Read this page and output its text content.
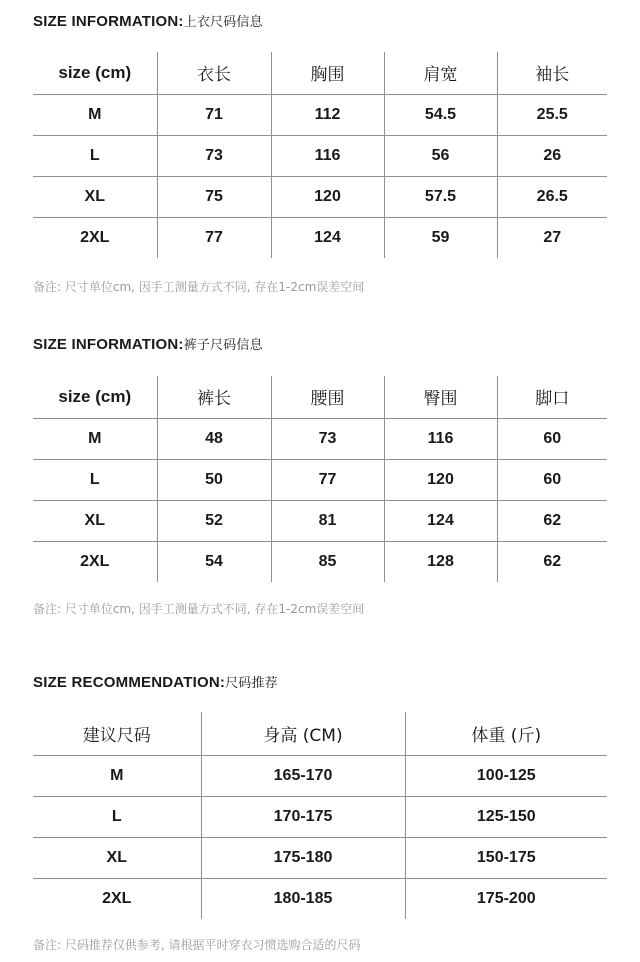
SIZE INFORMATION:上衣尺码信息
size (cm)	衣长	胸围	肩宽	袖长
M	71	112	54.5	25.5
L	73	116	56	26
XL	75	120	57.5	26.5
2XL	77	124	59	27
备注: 尺寸单位cm, 因手工测量方式不同, 存在1-2cm误差空间
SIZE INFORMATION:裤子尺码信息
size (cm)	裤长	腰围	臀围	脚口
M	48	73	116	60
L	50	77	120	60
XL	52	81	124	62
2XL	54	85	128	62
备注: 尺寸单位cm, 因手工测量方式不同, 存在1-2cm误差空间
SIZE RECOMMENDATION:尺码推荐
建议尺码	身高 (CM)	体重 (斤)
M	165-170	100-125
L	170-175	125-150
XL	175-180	150-175
2XL	180-185	175-200
备注: 尺码推荐仅供参考, 请根据平时穿衣习惯选购合适的尺码
